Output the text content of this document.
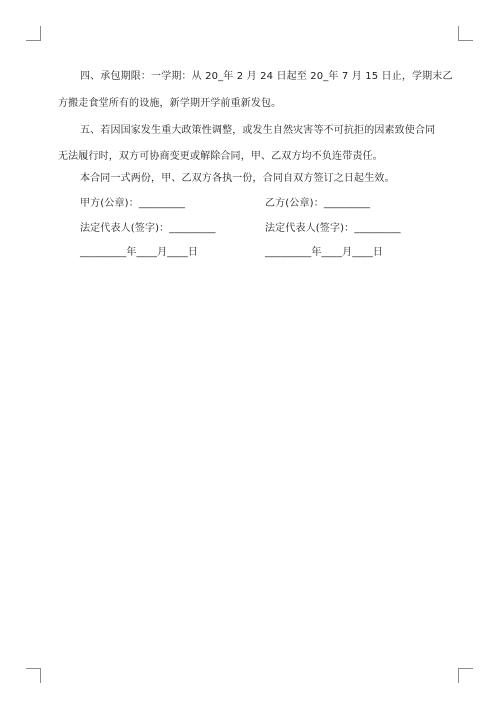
四、承包期限：一学期：从 20_年 2 月 24 日起至 20_年 7 月 15 日止，学期末乙
方搬走食堂所有的设施，新学期开学前重新发包。
五、若因国家发生重大政策性调整，或发生自然灾害等不可抗拒的因素致使合同
无法履行时，双方可协商变更或解除合同，甲、乙双方均不负连带责任。
本合同一式两份，甲、乙双方各执一份，合同自双方签订之日起生效。
甲方(公章)：_________	乙方(公章)：_________
法定代表人(签字)：_________	法定代表人(签字)：_________
_________年____月____日	_________年____月____日
